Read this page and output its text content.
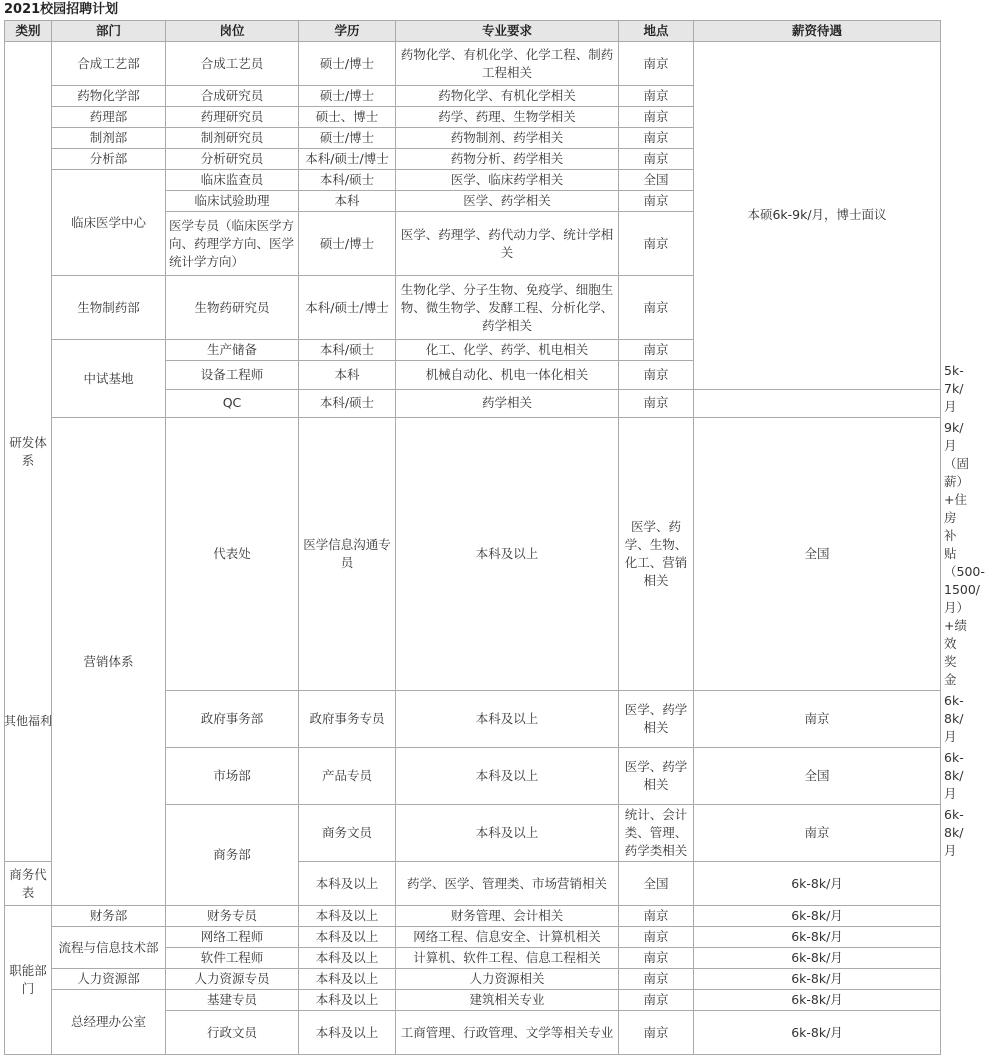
2021校园招聘计划
类别	部门	岗位	学历	专业要求	地点	薪资待遇	
研发体系	合成工艺部	合成工艺员	硕士/博士	药物化学、有机化学、化学工程、制药工程相关	南京	本硕6k-9k/月，博士面议	
	药物化学部	合成研究员	硕士/博士	药物化学、有机化学相关	南京		
	药理部	药理研究员	硕士、博士	药学、药理、生物学相关	南京		
	制剂部	制剂研究员	硕士/博士	药物制剂、药学相关	南京		
	分析部	分析研究员	本科/硕士/博士	药物分析、药学相关	南京		
	临床医学中心	临床监查员	本科/硕士	医学、临床药学相关	全国		
		临床试验助理	本科	医学、药学相关	南京		
		医学专员（临床医学方向、药理学方向、医学统计学方向）	硕士/博士	医学、药理学、药代动力学、统计学相关	南京		
	生物制药部	生物药研究员	本科/硕士/博士	生物化学、分子生物、免疫学、细胞生物、微生物学、发酵工程、分析化学、药学相关	南京		
	中试基地	生产储备	本科/硕士	化工、化学、药学、机电相关	南京		
		设备工程师	本科	机械自动化、机电一体化相关	南京		5k-7k/月
		QC	本科/硕士	药学相关	南京		
	营销体系	代表处	医学信息沟通专员	本科及以上	医学、药学、生物、化工、营销相关	全国	9k/月（固薪）+住房补贴（500-1500/月）+绩效奖金
		政府事务部	政府事务专员	本科及以上	医学、药学相关	南京	6k-8k/月
		市场部	产品专员	本科及以上	医学、药学相关	全国	6k-8k/月
		商务部	商务文员	本科及以上	统计、会计类、管理、药学类相关	南京	6k-8k/月
商务代表			本科及以上	药学、医学、管理类、市场营销相关	全国	6k-8k/月	
职能部门	财务部	财务专员	本科及以上	财务管理、会计相关	南京	6k-8k/月	
	流程与信息技术部	网络工程师	本科及以上	网络工程、信息安全、计算机相关	南京	6k-8k/月	
		软件工程师	本科及以上	计算机、软件工程、信息工程相关	南京	6k-8k/月	
	人力资源部	人力资源专员	本科及以上	人力资源相关	南京	6k-8k/月	
	总经理办公室	基建专员	本科及以上	建筑相关专业	南京	6k-8k/月	
		行政文员	本科及以上	工商管理、行政管理、文学等相关专业	南京	6k-8k/月	
其他福利
